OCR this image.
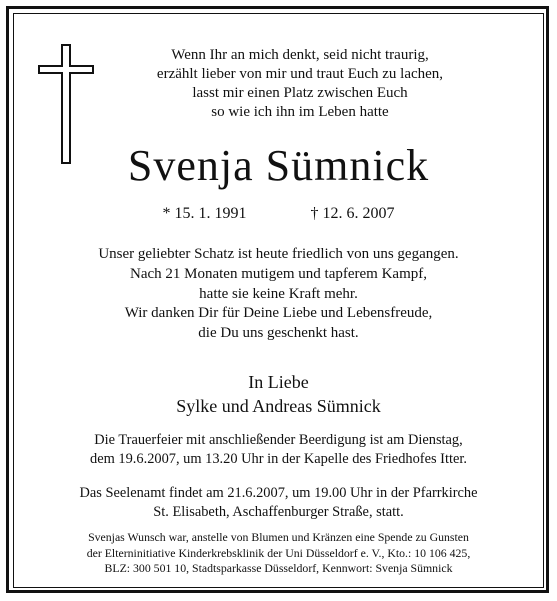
Wenn Ihr an mich denkt, seid nicht traurig,
erzählt lieber von mir und traut Euch zu lachen,
lasst mir einen Platz zwischen Euch
so wie ich ihn im Leben hatte
Svenja Sümnick
* 15. 1. 1991	† 12. 6. 2007
Unser geliebter Schatz ist heute friedlich von uns gegangen.
Nach 21 Monaten mutigem und tapferem Kampf,
hatte sie keine Kraft mehr.
Wir danken Dir für Deine Liebe und Lebensfreude,
die Du uns geschenkt hast.
In Liebe
Sylke und Andreas Sümnick
Die Trauerfeier mit anschließender Beerdigung ist am Dienstag,
dem 19.6.2007, um 13.20 Uhr in der Kapelle des Friedhofes Itter.
Das Seelenamt findet am 21.6.2007, um 19.00 Uhr in der Pfarrkirche
St. Elisabeth, Aschaffenburger Straße, statt.
Svenjas Wunsch war, anstelle von Blumen und Kränzen eine Spende zu Gunsten
der Elterninitiative Kinderkrebsklinik der Uni Düsseldorf e. V., Kto.: 10 106 425,
BLZ: 300 501 10, Stadtsparkasse Düsseldorf, Kennwort: Svenja Sümnick
